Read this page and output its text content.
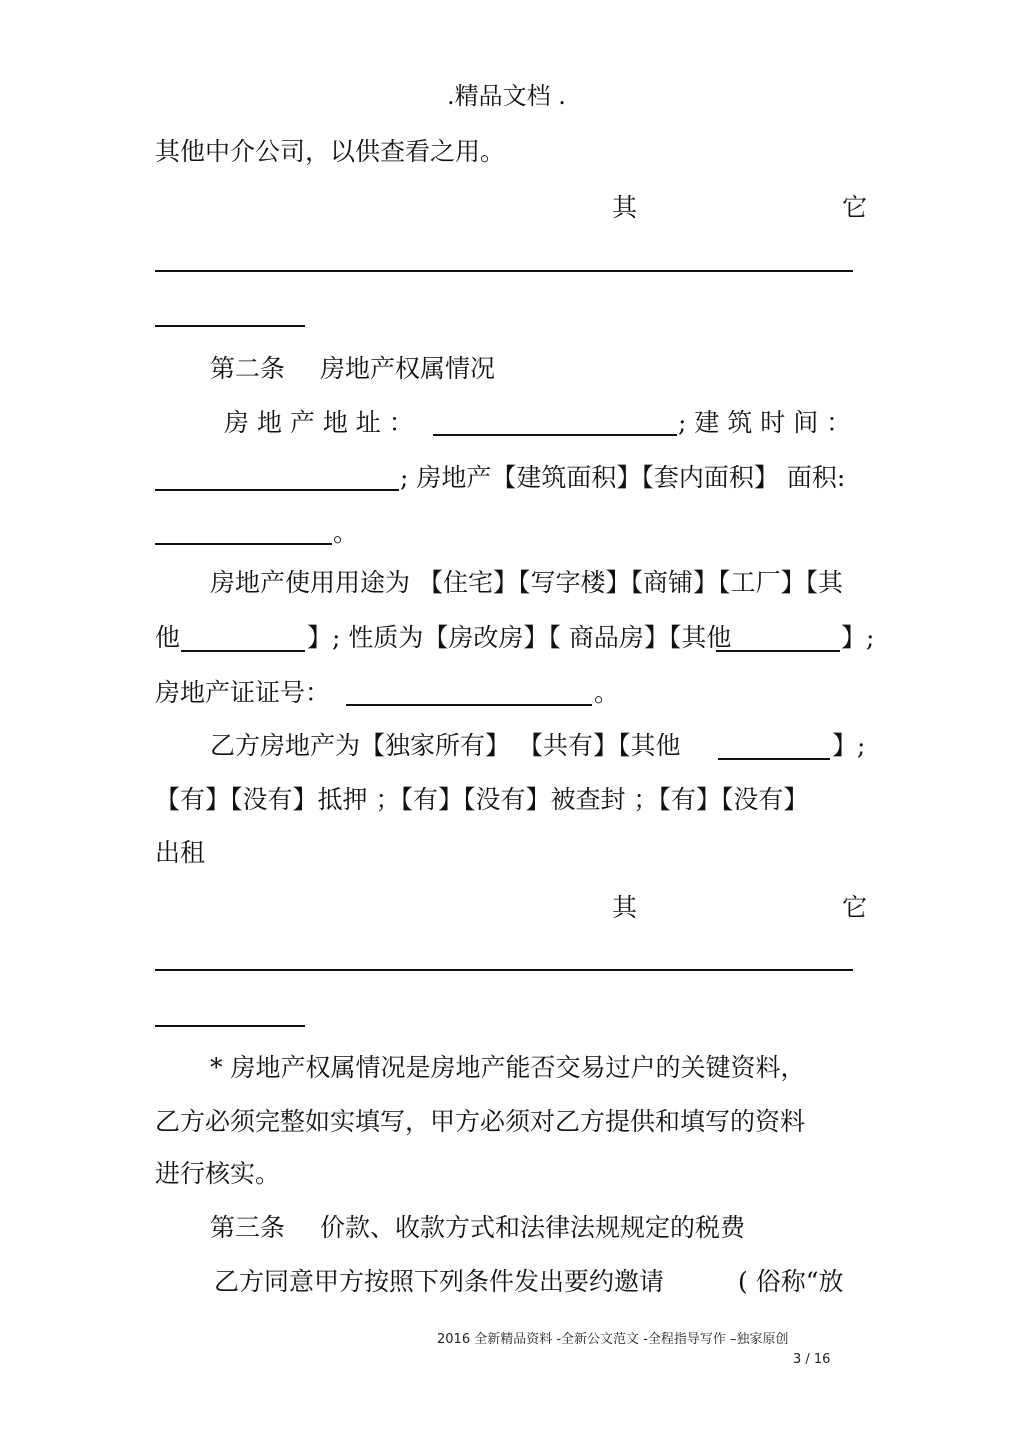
.精品文档 .
其他中介公司，以供查看之用。
其	它
第二条 房地产权属情况
房 地 产 地 址 ：	; 建 筑 时 间 ：
; 房地产【建筑面积】【套内面积】 面积:
。
房地产使用用途为 【住宅】【写字楼】【商铺】【工厂】【其
他	】; 性质为【房改房】【 商品房】【其他	】;
房地产证证号：	。
乙方房地产为【独家所有】 【共有】【其他	】;
【有】【没有】抵押 ；【有】【没有】被查封 ；【有】【没有】
出租
其	它
* 房地产权属情况是房地产能否交易过户的关键资料，
乙方必须完整如实填写，甲方必须对乙方提供和填写的资料
进行核实。
第三条 价款、收款方式和法律法规规定的税费
乙方同意甲方按照下列条件发出要约邀请	( 俗称“放
2016 全新精品资料 -全新公文范文 -全程指导写作 –独家原创
3 / 16
